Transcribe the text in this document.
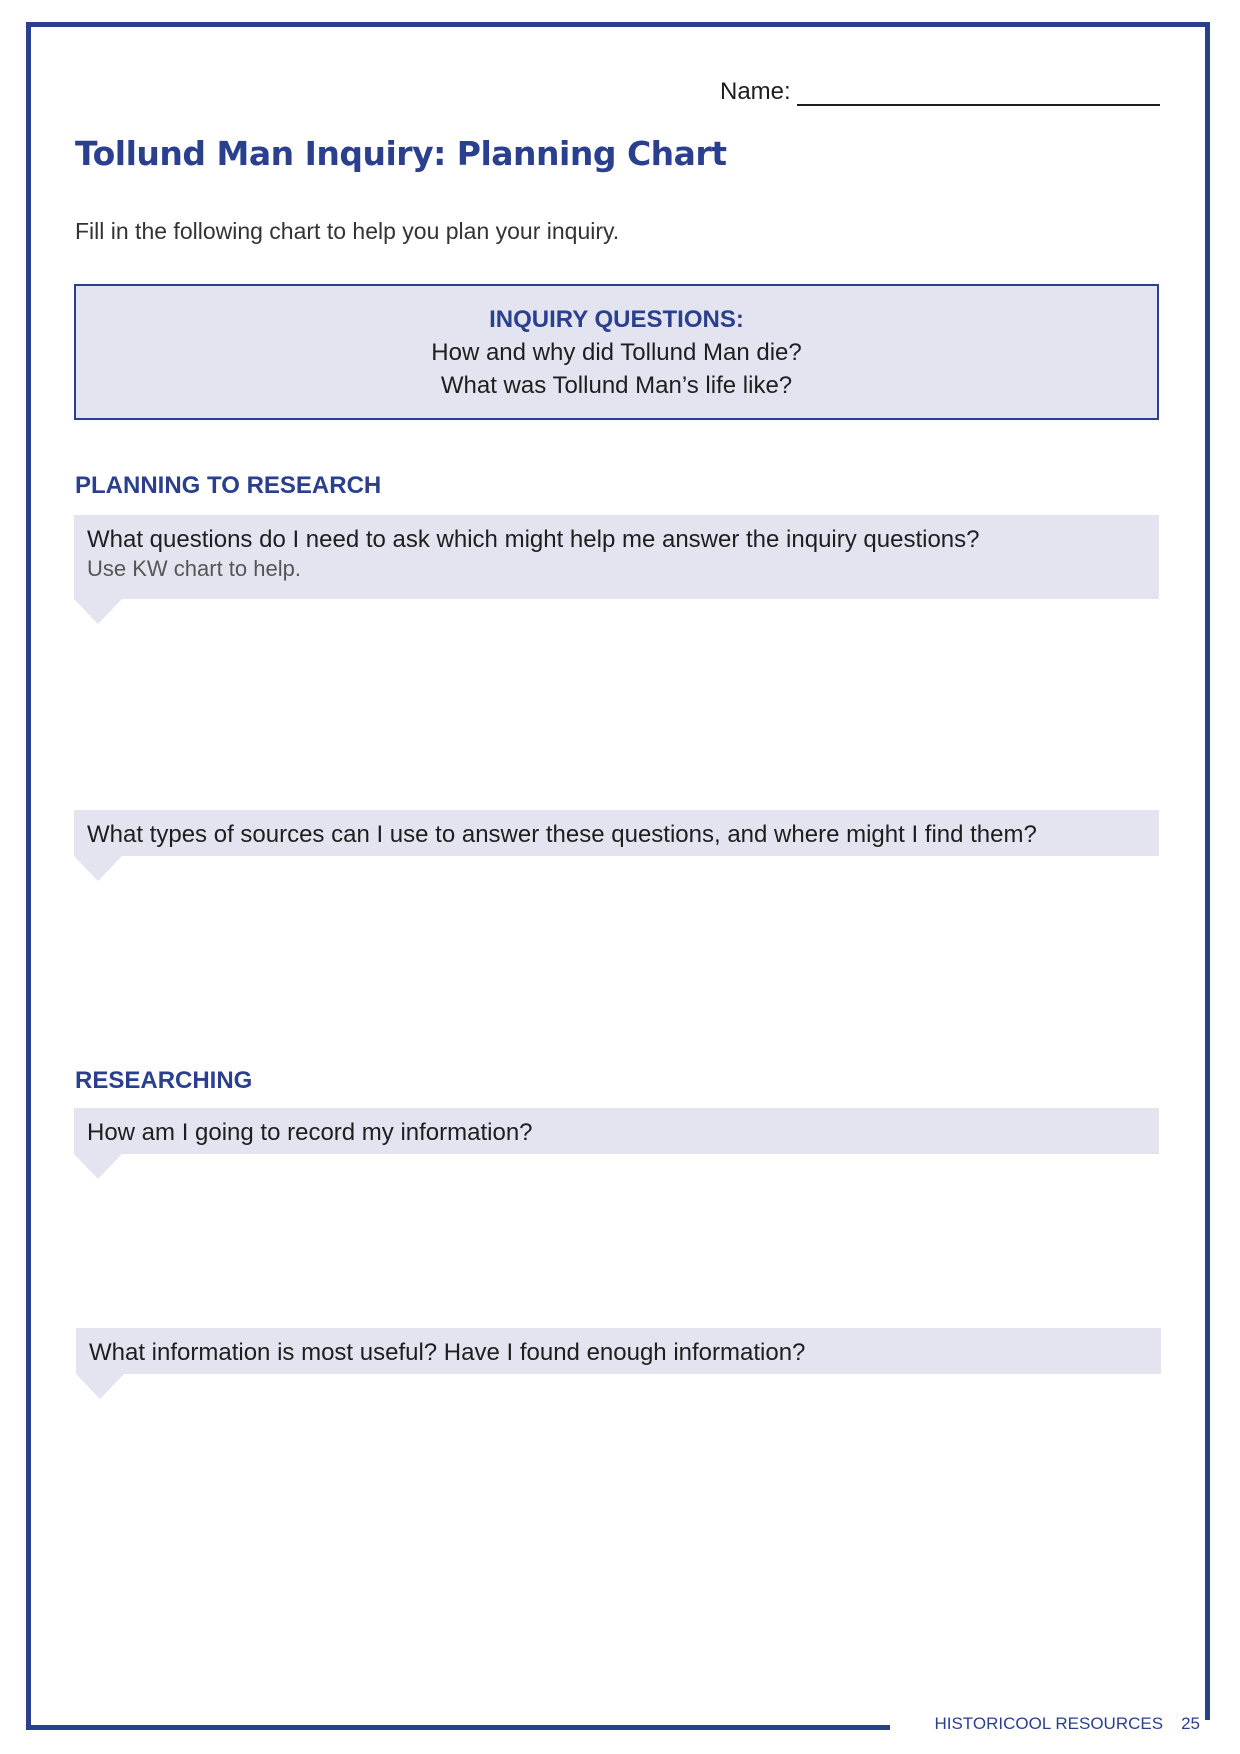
Name:
Tollund Man Inquiry: Planning Chart

Fill in the following chart to help you plan your inquiry.

INQUIRY QUESTIONS:
How and why did Tollund Man die?
What was Tollund Man’s life like?
PLANNING TO RESEARCH
What questions do I need to ask which might help me answer the inquiry questions?
Use KW chart to help.
What types of sources can I use to answer these questions, and where might I find them?
RESEARCHING
How am I going to record my information?
What information is most useful? Have I found enough information?
HISTORICOOL RESOURCES 25
